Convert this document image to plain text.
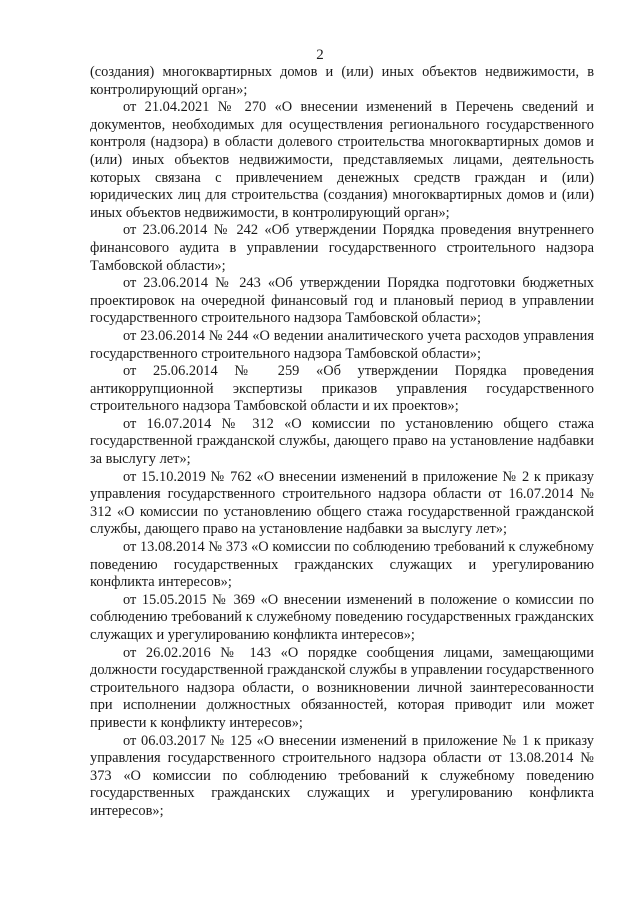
2

(создания) многоквартирных домов и (или) иных объектов недвижимости, в контролирующий орган»;

от 21.04.2021 № 270 «О внесении изменений в Перечень сведений и документов, необходимых для осуществления регионального государственного контроля (надзора) в области долевого строительства многоквартирных домов и (или) иных объектов недвижимости, представляемых лицами, деятельность которых связана с привлечением денежных средств граждан и (или) юридических лиц для строительства (создания) многоквартирных домов и (или) иных объектов недвижимости, в контролирующий орган»;

от 23.06.2014 № 242 «Об утверждении Порядка проведения внутреннего финансового аудита в управлении государственного строительного надзора Тамбовской области»;

от 23.06.2014 № 243 «Об утверждении Порядка подготовки бюджетных проектировок на очередной финансовый год и плановый период в управлении государственного строительного надзора Тамбовской области»;

от 23.06.2014 № 244 «О ведении аналитического учета расходов управления государственного строительного надзора Тамбовской области»;

от 25.06.2014 № 259 «Об утверждении Порядка проведения антикоррупционной экспертизы приказов управления государственного строительного надзора Тамбовской области и их проектов»;

от 16.07.2014 № 312 «О комиссии по установлению общего стажа государственной гражданской службы, дающего право на установление надбавки за выслугу лет»;

от 15.10.2019 № 762 «О внесении изменений в приложение № 2 к приказу управления государственного строительного надзора области от 16.07.2014 № 312 «О комиссии по установлению общего стажа государственной гражданской службы, дающего право на установление надбавки за выслугу лет»;

от 13.08.2014 № 373 «О комиссии по соблюдению требований к служебному поведению государственных гражданских служащих и урегулированию конфликта интересов»;

от 15.05.2015 № 369 «О внесении изменений в положение о комиссии по соблюдению требований к служебному поведению государственных гражданских служащих и урегулированию конфликта интересов»;

от 26.02.2016 № 143 «О порядке сообщения лицами, замещающими должности государственной гражданской службы в управлении государственного строительного надзора области, о возникновении личной заинтересованности при исполнении должностных обязанностей, которая приводит или может привести к конфликту интересов»;

от 06.03.2017 № 125 «О внесении изменений в приложение № 1 к приказу управления государственного строительного надзора области от 13.08.2014 № 373 «О комиссии по соблюдению требований к служебному поведению государственных гражданских служащих и урегулированию конфликта интересов»;
